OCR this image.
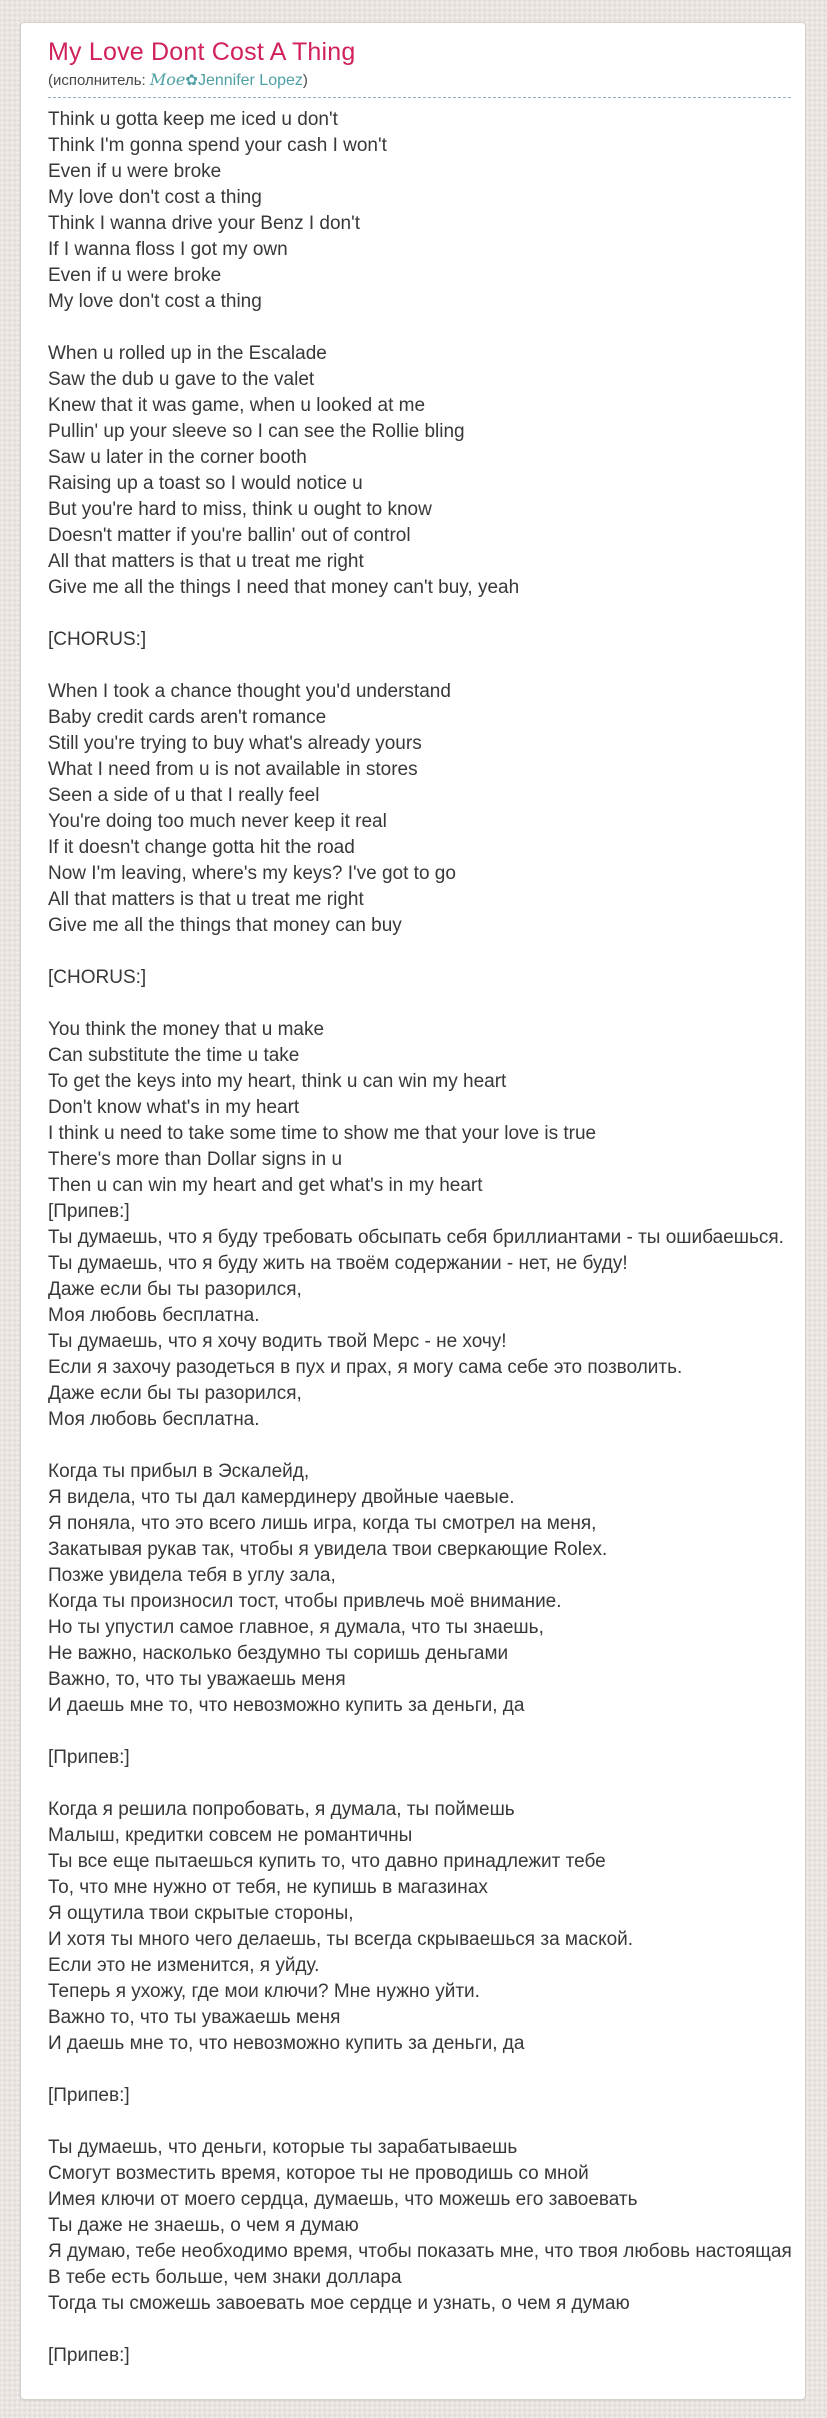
My Love Dont Cost A Thing
(исполнитель: Moe✿Jennifer Lopez)
Think u gotta keep me iced u don't
Think I'm gonna spend your cash I won't
Even if u were broke
My love don't cost a thing
Think I wanna drive your Benz I don't
If I wanna floss I got my own
Even if u were broke
My love don't cost a thing

When u rolled up in the Escalade
Saw the dub u gave to the valet
Knew that it was game, when u looked at me
Pullin' up your sleeve so I can see the Rollie bling
Saw u later in the corner booth
Raising up a toast so I would notice u
But you're hard to miss, think u ought to know
Doesn't matter if you're ballin' out of control
All that matters is that u treat me right
Give me all the things I need that money can't buy, yeah

[CHORUS:]

When I took a chance thought you'd understand
Baby credit cards aren't romance
Still you're trying to buy what's already yours
What I need from u is not available in stores
Seen a side of u that I really feel
You're doing too much never keep it real
If it doesn't change gotta hit the road
Now I'm leaving, where's my keys? I've got to go
All that matters is that u treat me right
Give me all the things that money can buy

[CHORUS:]

You think the money that u make
Can substitute the time u take
To get the keys into my heart, think u can win my heart
Don't know what's in my heart
I think u need to take some time to show me that your love is true
There's more than Dollar signs in u
Then u can win my heart and get what's in my heart
[Припев:]
Ты думаешь, что я буду требовать обсыпать себя бриллиантами - ты ошибаешься.
Ты думаешь, что я буду жить на твоём содержании - нет, не буду!
Даже если бы ты разорился,
Моя любовь бесплатна.
Ты думаешь, что я хочу водить твой Мерс - не хочу!
Если я захочу разодеться в пух и прах, я могу сама себе это позволить.
Даже если бы ты разорился,
Моя любовь бесплатна.

Когда ты прибыл в Эскалейд,
Я видела, что ты дал камердинеру двойные чаевые.
Я поняла, что это всего лишь игра, когда ты смотрел на меня,
Закатывая рукав так, чтобы я увидела твои сверкающие Rolex.
Позже увидела тебя в углу зала,
Когда ты произносил тост, чтобы привлечь моё внимание.
Но ты упустил самое главное, я думала, что ты знаешь,
Не важно, насколько бездумно ты соришь деньгами
Важно, то, что ты уважаешь меня
И даешь мне то, что невозможно купить за деньги, да

[Припев:]

Когда я решила попробовать, я думала, ты поймешь
Малыш, кредитки совсем не романтичны
Ты все еще пытаешься купить то, что давно принадлежит тебе
То, что мне нужно от тебя, не купишь в магазинах
Я ощутила твои скрытые стороны,
И хотя ты много чего делаешь, ты всегда скрываешься за маской.
Если это не изменится, я уйду.
Теперь я ухожу, где мои ключи? Мне нужно уйти.
Важно то, что ты уважаешь меня
И даешь мне то, что невозможно купить за деньги, да

[Припев:]

Ты думаешь, что деньги, которые ты зарабатываешь
Смогут возместить время, которое ты не проводишь со мной
Имея ключи от моего сердца, думаешь, что можешь его завоевать
Ты даже не знаешь, о чем я думаю
Я думаю, тебе необходимо время, чтобы показать мне, что твоя любовь настоящая
В тебе есть больше, чем знаки доллара
Тогда ты сможешь завоевать мое сердце и узнать, о чем я думаю

[Припев:]
